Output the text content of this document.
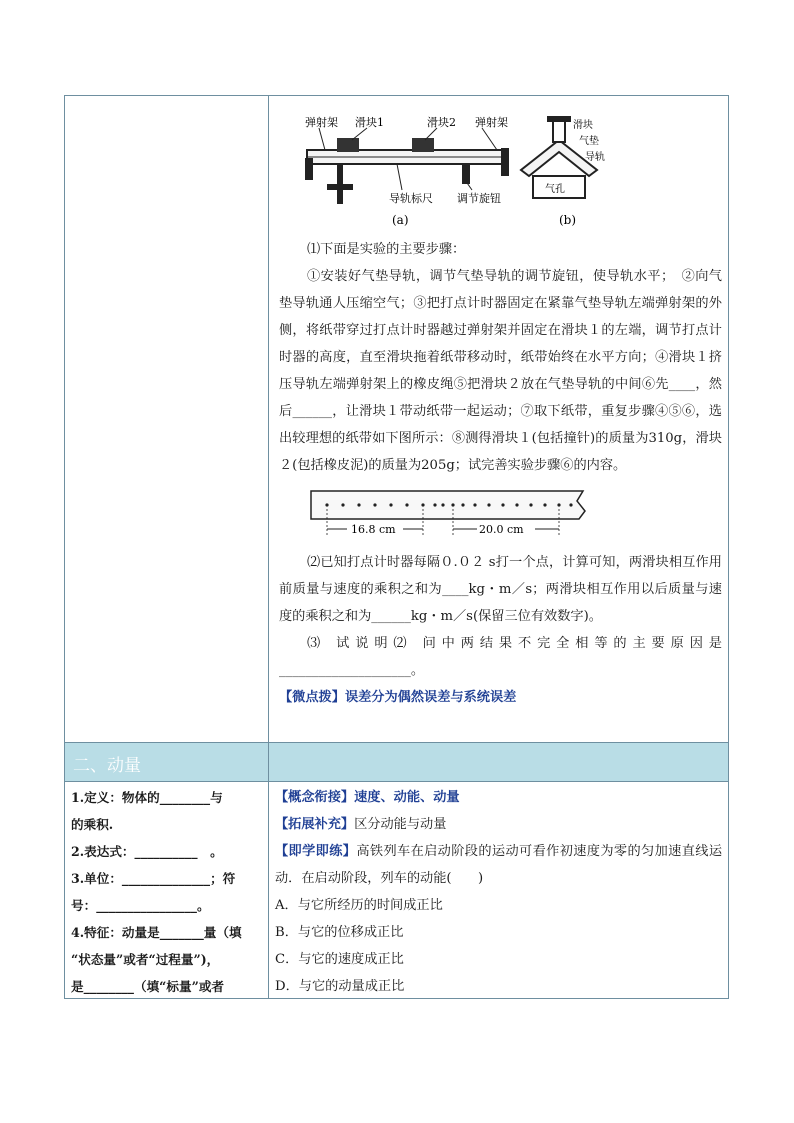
弹射架 滑块1	滑块2 弹射架
导轨标尺 调节旋钮
(a)
滑块
气垫
导轨
气孔
(b)

⑴下面是实验的主要步骤：

①安装好气垫导轨，调节气垫导轨的调节旋钮，使导轨水平；　②向气垫导轨通人压缩空气；③把打点计时器固定在紧靠气垫导轨左端弹射架的外侧，将纸带穿过打点计时器越过弹射架并固定在滑块１的左端，调节打点计时器的高度，直至滑块拖着纸带移动时，纸带始终在水平方向；④滑块１挤压导轨左端弹射架上的橡皮绳⑤把滑块２放在气垫导轨的中间⑥先____，然后______，让滑块１带动纸带一起运动；⑦取下纸带，重复步骤④⑤⑥，选出较理想的纸带如下图所示：⑧测得滑块１(包括撞针)的质量为310g，滑块２(包括橡皮泥)的质量为205g；试完善实验步骤⑥的内容。

16.8 cm	20.0 cm

⑵已知打点计时器每隔０.０２ s打一个点，计算可知，两滑块相互作用前质量与速度的乘积之和为____kg・m／s；两滑块相互作用以后质量与速度的乘积之和为______kg・m／s(保留三位有效数字)。

⑶ 试说明⑵ 问中两结果不完全相等的主要原因是____________________。

【微点拨】误差分为偶然误差与系统误差

二、动量

1.定义：物体的________与

的乘积.

2.表达式：__________　。

3.单位：______________；符

号：________________。

4.特征：动量是_______量（填

“状态量”或者“过程量”)，

是________（填“标量”或者

【概念衔接】速度、动能、动量

【拓展补充】区分动能与动量

【即学即练】高铁列车在启动阶段的运动可看作初速度为零的匀加速直线运动．在启动阶段，列车的动能(　　)

A．与它所经历的时间成正比

B．与它的位移成正比

C．与它的速度成正比

D．与它的动量成正比
